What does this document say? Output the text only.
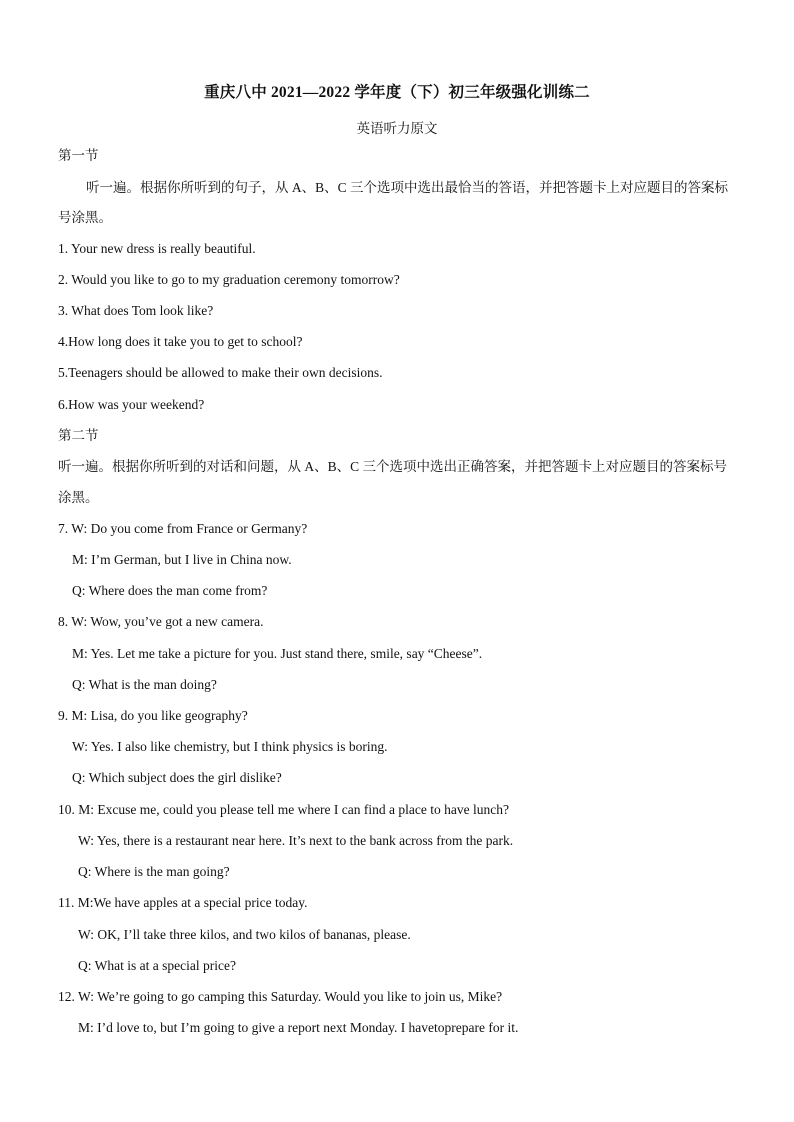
重庆八中 2021—2022 学年度（下）初三年级强化训练二
英语听力原文
第一节
听一遍。根据你所听到的句子，从 A、B、C 三个选项中选出最恰当的答语，并把答题卡上对应题目的答案标
号涂黑。
1. Your new dress is really beautiful.
2. Would you like to go to my graduation ceremony tomorrow?
3. What does Tom look like?
4.How long does it take you to get to school?
5.Teenagers should be allowed to make their own decisions.
6.How was your weekend?
第二节
听一遍。根据你所听到的对话和问题，从 A、B、C 三个选项中选出正确答案，并把答题卡上对应题目的答案标号
涂黑。
7. W: Do you come from France or Germany?
M: I’m German, but I live in China now.
Q: Where does the man come from?
8. W: Wow, you’ve got a new camera.
M: Yes. Let me take a picture for you. Just stand there, smile, say “Cheese”.
Q: What is the man doing?
9. M: Lisa, do you like geography?
W: Yes. I also like chemistry, but I think physics is boring.
Q: Which subject does the girl dislike?
10. M: Excuse me, could you please tell me where I can find a place to have lunch?
W: Yes, there is a restaurant near here. It’s next to the bank across from the park.
Q: Where is the man going?
11. M:We have apples at a special price today.
W: OK, I’ll take three kilos, and two kilos of bananas, please.
Q: What is at a special price?
12. W: We’re going to go camping this Saturday. Would you like to join us, Mike?
M: I’d love to, but I’m going to give a report next Monday. I havetoprepare for it.
